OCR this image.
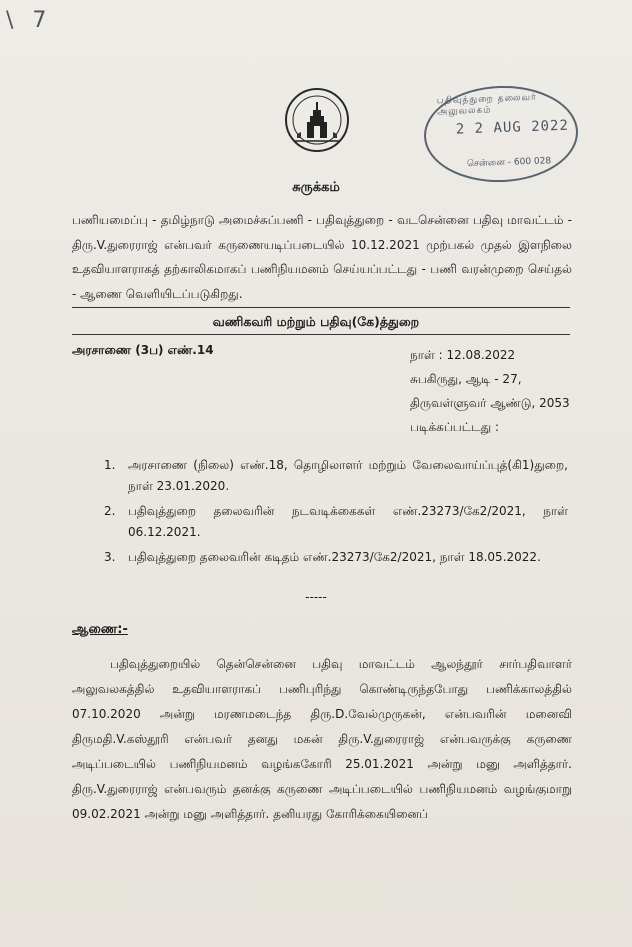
\ 7
பதிவுத்துறை தலைவர் அலுவலகம்
2 2 AUG 2022
சென்னை - 600 028
சுருக்கம்
பணியமைப்பு - தமிழ்நாடு அமைச்சுப்பணி - பதிவுத்துறை - வடசென்னை பதிவு மாவட்டம் - திரு.V.துரைராஜ் என்பவர் கருணையடிப்படையில் 10.12.2021 முற்பகல் முதல் இளநிலை உதவியாளராகத் தற்காலிகமாகப் பணிநியமனம் செய்யப்பட்டது - பணி வரன்முறை செய்தல் - ஆணை வெளியிடப்படுகிறது.
வணிகவரி மற்றும் பதிவு(கே)த்துறை
அரசாணை (3ப) எண்.14	நாள் : 12.08.2022
சுபகிருது, ஆடி - 27,
திருவள்ளுவர் ஆண்டு, 2053
படிக்கப்பட்டது :
1. அரசாணை (நிலை) எண்.18, தொழிலாளர் மற்றும் வேலைவாய்ப்புத்(கி1)துறை, நாள் 23.01.2020.
2. பதிவுத்துறை தலைவரின் நடவடிக்கைகள் எண்.23273/கே2/2021, நாள் 06.12.2021.
3. பதிவுத்துறை தலைவரின் கடிதம் எண்.23273/கே2/2021, நாள் 18.05.2022.
-----
ஆணை:-
பதிவுத்துறையில் தென்சென்னை பதிவு மாவட்டம் ஆலந்தூர் சார்பதிவாளர் அலுவலகத்தில் உதவியாளராகப் பணிபுரிந்து கொண்டிருந்தபோது பணிக்காலத்தில் 07.10.2020 அன்று மரணமடைந்த திரு.D.வேல்முருகன், என்பவரின் மனைவி திருமதி.V.கஸ்தூரி என்பவர் தனது மகன் திரு.V.துரைராஜ் என்பவருக்கு கருணை அடிப்படையில் பணிநியமனம் வழங்ககோரி 25.01.2021 அன்று மனு அளித்தார். திரு.V.துரைராஜ் என்பவரும் தனக்கு கருணை அடிப்படையில் பணிநியமனம் வழங்குமாறு 09.02.2021 அன்று மனு அளித்தார். தனியரது கோரிக்கையினைப்
